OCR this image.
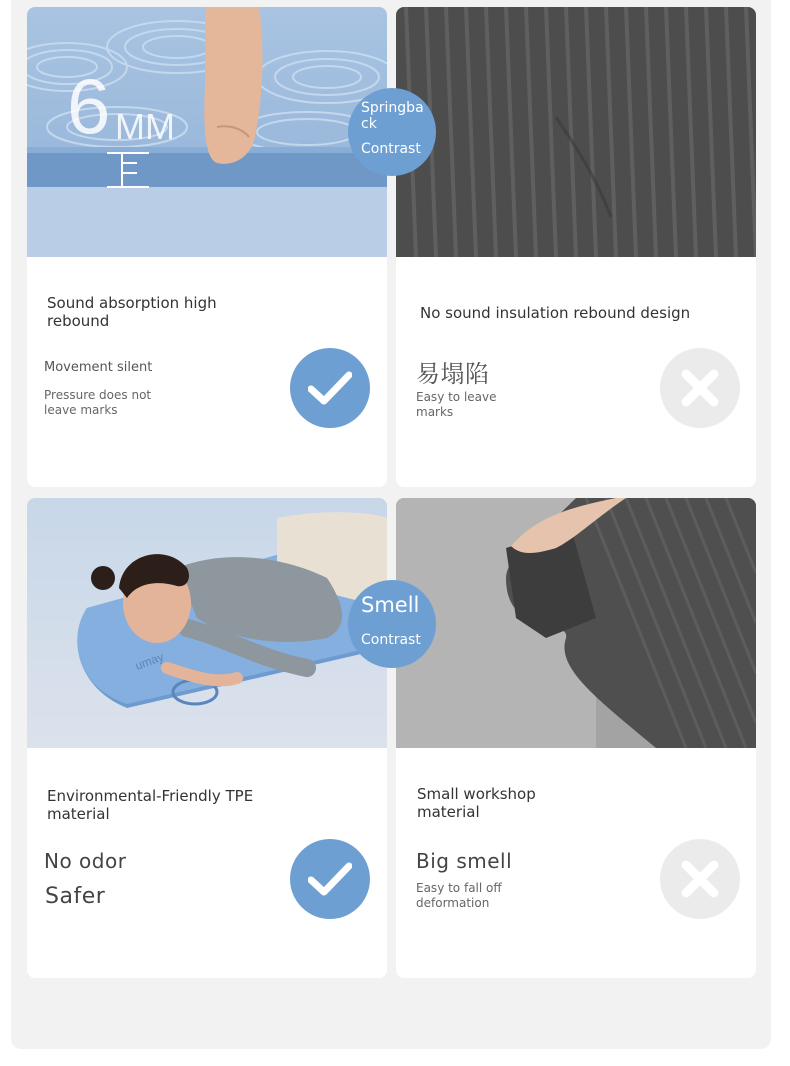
6 MM
Sound absorption high
rebound
Movement silent
Pressure does not
leave marks
No sound insulation rebound design
易塌陷
Easy to leave
marks
umay
Environmental-Friendly TPE
material
No odor
Safer
Small workshop
material
Big smell
Easy to fall off
deformation
Springba
ck
Contrast
Smell
Contrast
